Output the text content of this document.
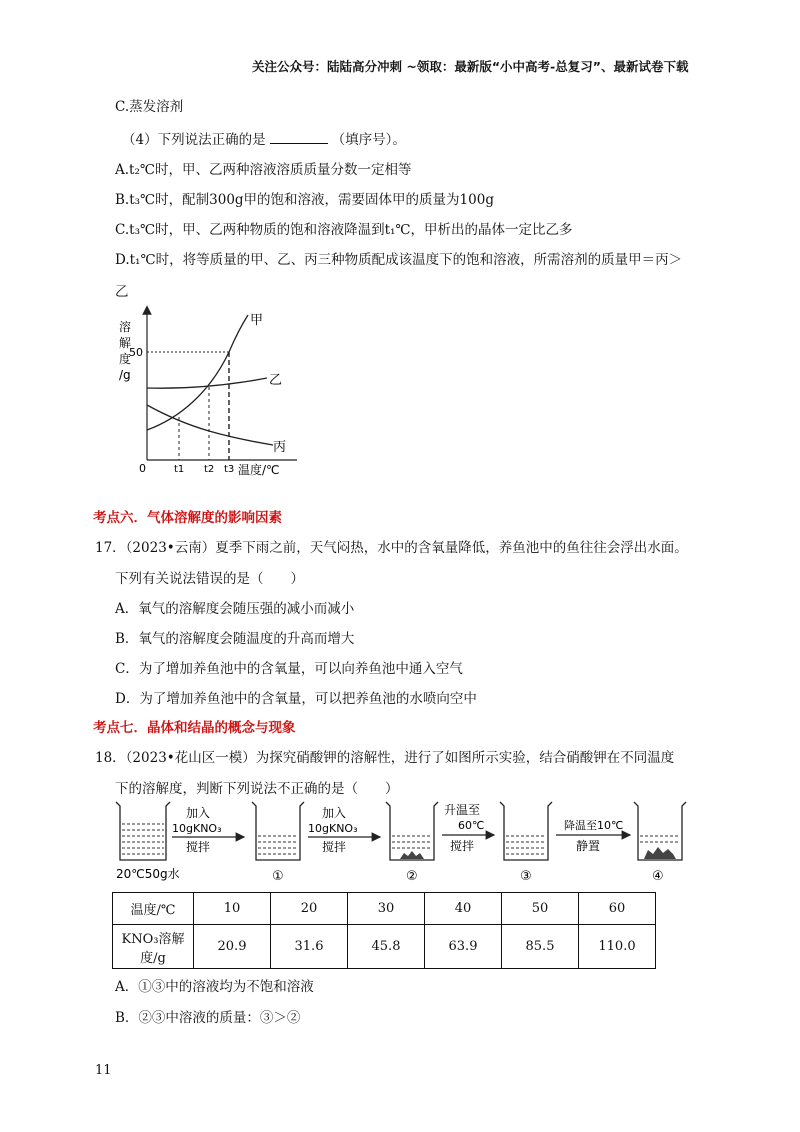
关注公众号：陆陆高分冲刺 ~领取：最新版“小中高考-总复习”、最新试卷下载
C.蒸发溶剂
（4）下列说法正确的是	（填序号）。
A.t₂℃时，甲、乙两种溶液溶质质量分数一定相等
B.t₃℃时，配制300g甲的饱和溶液，需要固体甲的质量为100g
C.t₃℃时，甲、乙两种物质的饱和溶液降温到t₁℃，甲析出的晶体一定比乙多
D.t₁℃时，将等质量的甲、乙、丙三种物质配成该温度下的饱和溶液，所需溶剂的质量甲＝丙＞
乙
溶
解
度
/g
50
甲
乙
丙
0	t1 t2 t3 温度/℃
考点六．气体溶解度的影响因素
17．（2023•云南）夏季下雨之前，天气闷热，水中的含氧量降低，养鱼池中的鱼往往会浮出水面。
下列有关说法错误的是（　　）
A．氧气的溶解度会随压强的减小而减小
B．氧气的溶解度会随温度的升高而增大
C．为了增加养鱼池中的含氧量，可以向养鱼池中通入空气
D．为了增加养鱼池中的含氧量，可以把养鱼池的水喷向空中
考点七．晶体和结晶的概念与现象
18．（2023•花山区一模）为探究硝酸钾的溶解性，进行了如图所示实验，结合硝酸钾在不同温度
下的溶解度，判断下列说法不正确的是（　　）
20℃50g水
加入
10gKNO₃
搅拌
①
加入
10gKNO₃
搅拌
②
升温至
60℃
搅拌
③
降温至10℃
静置
④
温度/℃	10	20	30	40	50	60

KNO₃溶解
度/g	20.9	31.6	45.8	63.9	85.5	110.0
A．①③中的溶液均为不饱和溶液
B．②③中溶液的质量：③＞②
11
